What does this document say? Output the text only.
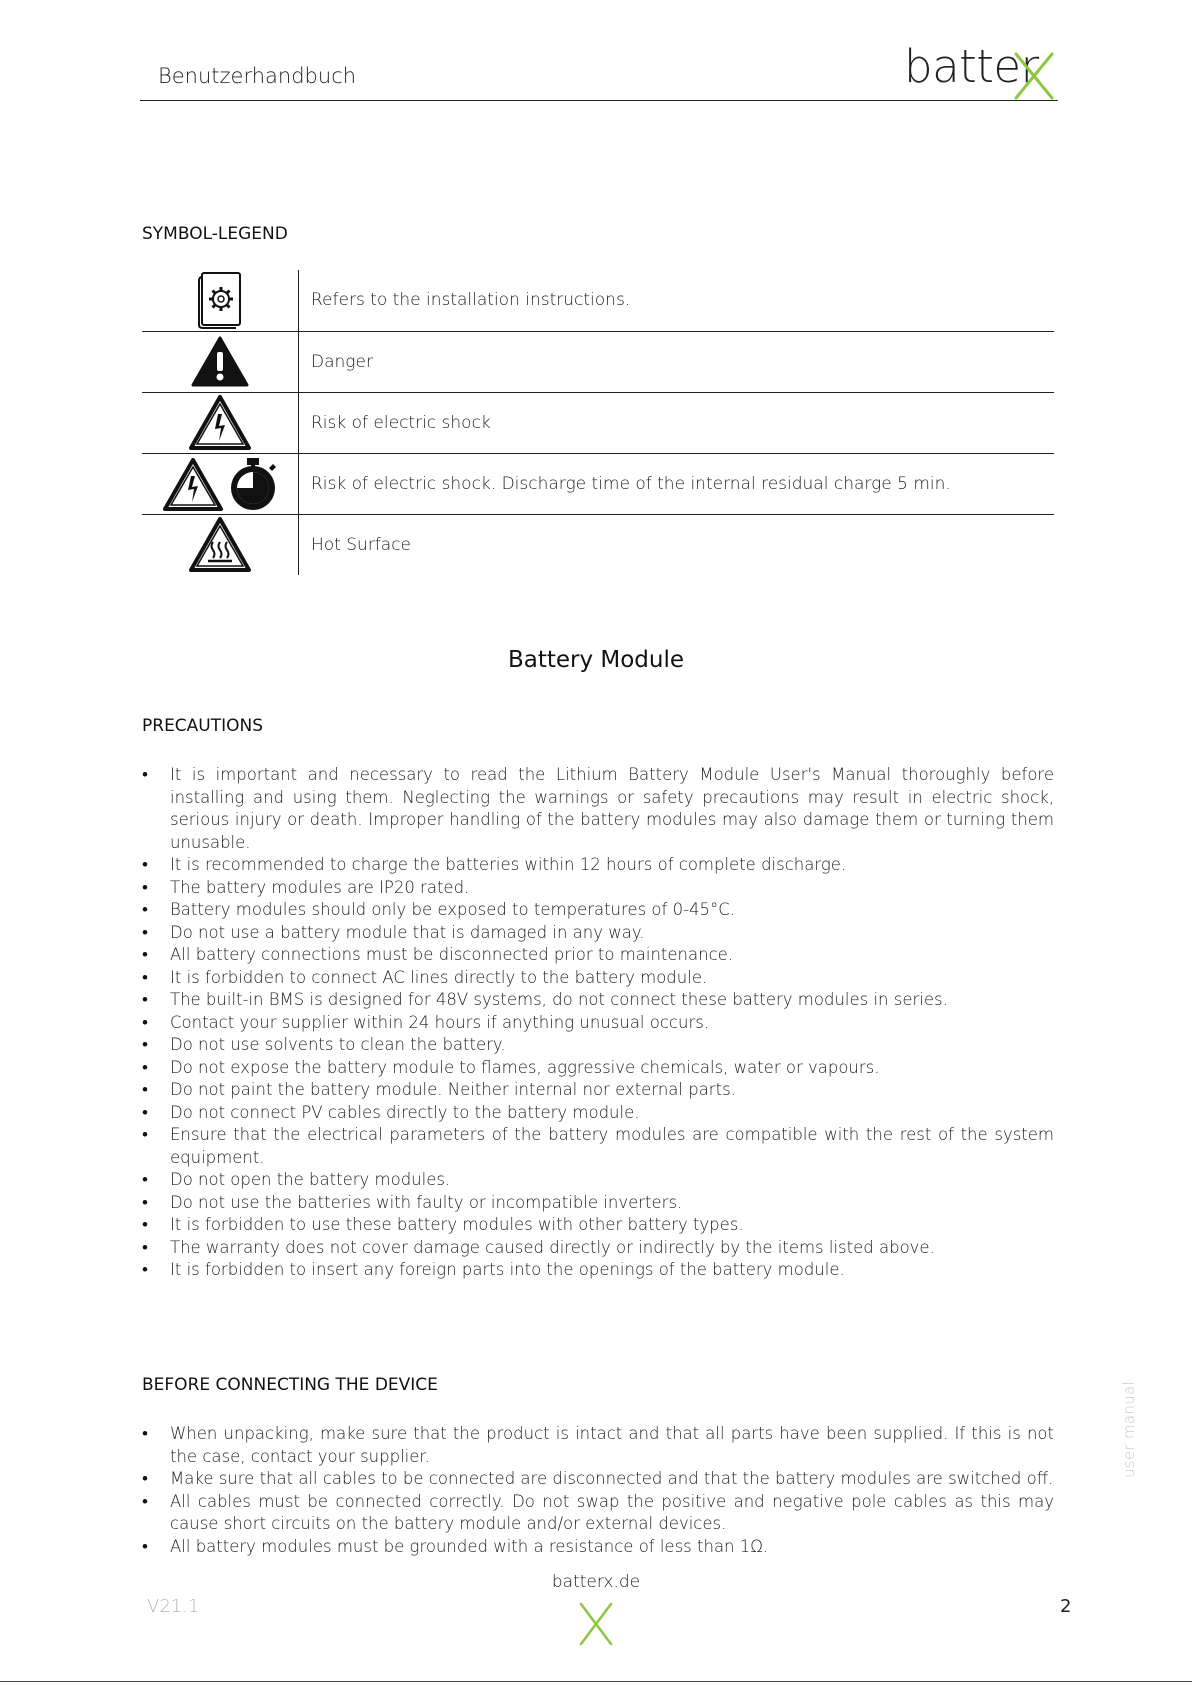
Benutzerhandbuch	batter
SYMBOL-LEGEND
	Refers to the installation instructions.
	Danger
	Risk of electric shock
	Risk of electric shock. Discharge time of the internal residual charge 5 min.
	Hot Surface
Battery Module
PRECAUTIONS
• It is important and necessary to read the Lithium Battery Module User's Manual thoroughly before installing and using them. Neglecting the warnings or safety precautions may result in electric shock, serious injury or death. Improper handling of the battery modules may also damage them or turning them unusable.
• It is recommended to charge the batteries within 12 hours of complete discharge.
• The battery modules are IP20 rated.
• Battery modules should only be exposed to temperatures of 0-45°C.
• Do not use a battery module that is damaged in any way.
• All battery connections must be disconnected prior to maintenance.
• It is forbidden to connect AC lines directly to the battery module.
• The built-in BMS is designed for 48V systems, do not connect these battery modules in series.
• Contact your supplier within 24 hours if anything unusual occurs.
• Do not use solvents to clean the battery.
• Do not expose the battery module to flames, aggressive chemicals, water or vapours.
• Do not paint the battery module. Neither internal nor external parts.
• Do not connect PV cables directly to the battery module.
• Ensure that the electrical parameters of the battery modules are compatible with the rest of the system equipment.
• Do not open the battery modules.
• Do not use the batteries with faulty or incompatible inverters.
• It is forbidden to use these battery modules with other battery types.
• The warranty does not cover damage caused directly or indirectly by the items listed above.
• It is forbidden to insert any foreign parts into the openings of the battery module.
BEFORE CONNECTING THE DEVICE
• When unpacking, make sure that the product is intact and that all parts have been supplied. If this is not the case, contact your supplier.
• Make sure that all cables to be connected are disconnected and that the battery modules are switched off.
• All cables must be connected correctly. Do not swap the positive and negative pole cables as this may cause short circuits on the battery module and/or external devices.
• All battery modules must be grounded with a resistance of less than 1Ω.
user manual
batterx.de
V21.1	2
